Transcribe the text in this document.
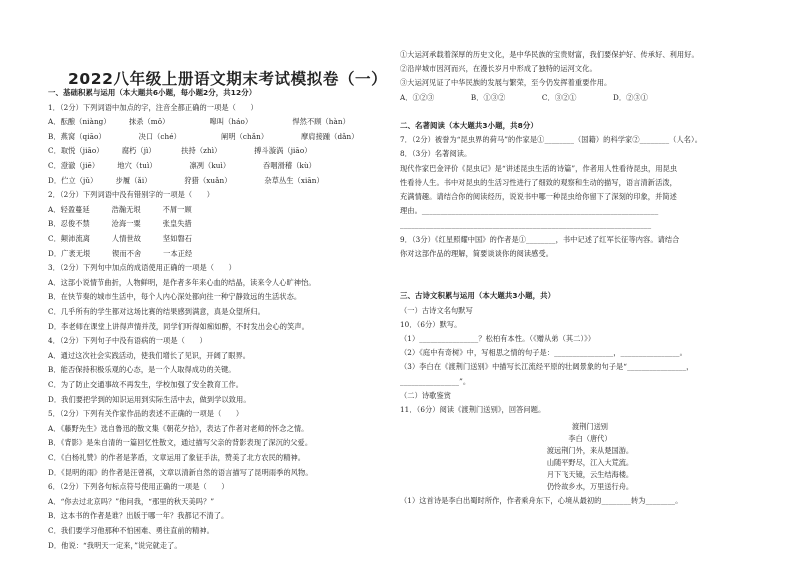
2022八年级上册语文期末考试模拟卷（一）
一、基础积累与运用（本大题共6小题，每小题2分，共12分）
1．（2分）下列词语中加点的字，注音全都正确的一项是（　　）
A．酝酿（niàng）　　　抹杀（mǒ）　　　　　　嗥叫（háo）　　　　　　悍然不顾（hàn）
B．燕窝（qiāo）　　　　　决口（ché）　　　　　　阐明（chǎn）　　　　　摩肩接踵（dǎn）
C．取悦（jiāo）　　　腐朽（jì）　　　　扶持（zhì）　　　　　搏斗漩涡（jiāo）
C．澄澈（jiē）　　　地穴（tuì）　　　　　凛冽（kuì）　　　　　吞咽滑稽（kù）
D．伫立（jǔ）　　　步履（ǎi）　　　　　狩猎（xuǎn）　　　　　杂草丛生（xiān）
2．（2分）下列词语中没有错别字的一项是（　　）
A．轻盈蔓延　　　浩瀚无垠　　　不屑一顾
B．忍俊不禁　　　沧海一粟　　　张皇失措
C．颠沛流离　　　人情世故　　　坚如磐石
D．广袤无垠　　　锲而不舍　　　一本正经
3．（2分）下列句中加点的成语使用正确的一项是（　　）
A．这部小说情节曲折，人物鲜明，是作者多年来心血的结晶，读来令人心旷神怡。
B．在快节奏的城市生活中，每个人内心深处都向往一种宁静致远的生活状态。
C．几乎所有的学生都对这场比赛的结果感到满意，真是众望所归。
D．李老师在课堂上讲得声情并茂，同学们听得如痴如醉，不时发出会心的笑声。
4．（2分）下列句子中没有语病的一项是（　　）
A．通过这次社会实践活动，使我们增长了见识，开阔了眼界。
B．能否保持积极乐观的心态，是一个人取得成功的关键。
C．为了防止交通事故不再发生，学校加强了安全教育工作。
D．我们要把学到的知识运用到实际生活中去，做到学以致用。
5．（2分）下列有关作家作品的表述不正确的一项是（　　）
A．《藤野先生》选自鲁迅的散文集《朝花夕拾》，表达了作者对老师的怀念之情。
B．《背影》是朱自清的一篇回忆性散文，通过描写父亲的背影表现了深沉的父爱。
C．《白杨礼赞》的作者是茅盾，文章运用了象征手法，赞美了北方农民的精神。
D．《昆明的雨》的作者是汪曾祺，文章以清新自然的语言描写了昆明雨季的风物。
6．（2分）下列各句标点符号使用正确的一项是（　　）
A．“你去过北京吗？”他问我，“那里的秋天美吗？”
B．这本书的作者是谁？出版于哪一年？我都记不清了。
C．我们要学习他那种不怕困难、勇往直前的精神。
D．他说：“我明天一定来，”说完就走了。
①大运河承载着深厚的历史文化，是中华民族的宝贵财富，我们要保护好、传承好、利用好。
②沿岸城市因河而兴，在漫长岁月中形成了独特的运河文化。
③大运河见证了中华民族的发展与繁荣，至今仍发挥着重要作用。
A．①②③　　　　　B．①③②　　　　　C．③②①　　　　　D．②③①
二、名著阅读（本大题共3小题，共8分）
7．（2分）被誉为“昆虫界的荷马”的作家是①________（国籍）的科学家②________（人名）。
8．（3分）名著阅读。
现代作家巴金评价《昆虫记》是“讲述昆虫生活的诗篇”，作者用人性看待昆虫，用昆虫
性看待人生。书中对昆虫的生活习性进行了细致的观察和生动的描写，语言清新活泼，
充满情趣。请结合你的阅读经历，说说书中哪一种昆虫给你留下了深刻的印象，并简述
理由。________________________________________________________________
____________________________________________________________________
9．（3分）《红星照耀中国》的作者是①________，书中记述了红军长征等内容。请结合
你对这部作品的理解，简要谈谈你的阅读感受。
三、古诗文积累与运用（本大题共3小题，共）
（一）古诗文名句默写
10．（6分）默写。
（1）________________？松柏有本性。（《赠从弟（其二）》）
（2）《庭中有奇树》中，写相思之情的句子是：________________，________________。
（3）李白在《渡荆门送别》中描写长江流经平原的壮阔景象的句子是“________________，
________________”。
（二）诗歌鉴赏
11．（6分）阅读《渡荆门送别》，回答问题。
渡荆门送别
李白（唐代）
渡远荆门外，来从楚国游。
山随平野尽，江入大荒流。
月下飞天镜，云生结海楼。
仍怜故乡水，万里送行舟。
（1）这首诗是李白出蜀时所作，作者乘舟东下，心境从最初的________转为________。
